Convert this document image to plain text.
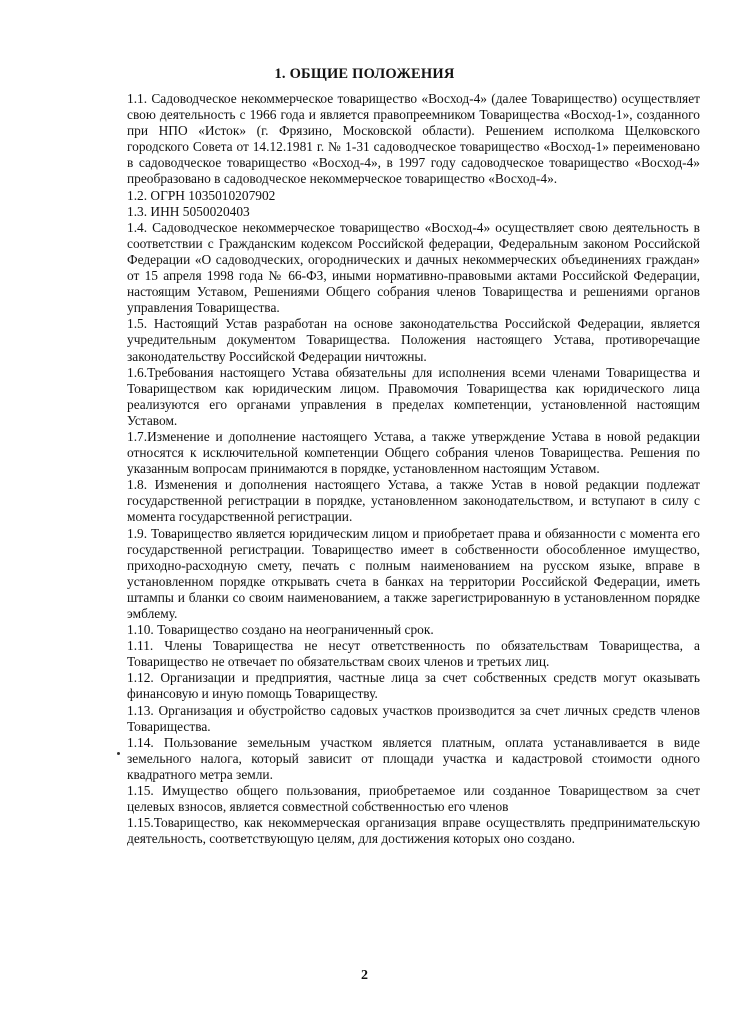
1. ОБЩИЕ ПОЛОЖЕНИЯ

1.1. Садоводческое некоммерческое товарищество «Восход-4» (далее Товарищество) осуществляет свою деятельность с 1966 года и является правопреемником Товарищества «Восход-1», созданного при НПО «Исток» (г. Фрязино, Московской области). Решением исполкома Щелковского городского Совета от 14.12.1981 г. № 1-31 садоводческое товарищество «Восход-1» переименовано в садоводческое товарищество «Восход-4», в 1997 году садоводческое товарищество «Восход-4» преобразовано в садоводческое некоммерческое товарищество «Восход-4».

1.2. ОГРН 1035010207902

1.3. ИНН 5050020403

1.4. Садоводческое некоммерческое товарищество «Восход-4» осуществляет свою деятельность в соответствии с Гражданским кодексом Российской федерации, Федеральным законом Российской Федерации «О садоводческих, огороднических и дачных некоммерческих объединениях граждан» от 15 апреля 1998 года № 66-ФЗ, иными нормативно-правовыми актами Российской Федерации, настоящим Уставом, Решениями Общего собрания членов Товарищества и решениями органов управления Товарищества.

1.5. Настоящий Устав разработан на основе законодательства Российской Федерации, является учредительным документом Товарищества. Положения настоящего Устава, противоречащие законодательству Российской Федерации ничтожны.

1.6.Требования настоящего Устава обязательны для исполнения всеми членами Товарищества и Товариществом как юридическим лицом. Правомочия Товарищества как юридического лица реализуются его органами управления в пределах компетенции, установленной настоящим Уставом.

1.7.Изменение и дополнение настоящего Устава, а также утверждение Устава в новой редакции относятся к исключительной компетенции Общего собрания членов Товарищества. Решения по указанным вопросам принимаются в порядке, установленном настоящим Уставом.

1.8. Изменения и дополнения настоящего Устава, а также Устав в новой редакции подлежат государственной регистрации в порядке, установленном законодательством, и вступают в силу с момента государственной регистрации.

1.9. Товарищество является юридическим лицом и приобретает права и обязанности с момента его государственной регистрации. Товарищество имеет в собственности обособленное имущество, приходно-расходную смету, печать с полным наименованием на русском языке, вправе в установленном порядке открывать счета в банках на территории Российской Федерации, иметь штампы и бланки со своим наименованием, а также зарегистрированную в установленном порядке эмблему.

1.10. Товарищество создано на неограниченный срок.

1.11. Члены Товарищества не несут ответственность по обязательствам Товарищества, а Товарищество не отвечает по обязательствам своих членов и третьих лиц.

1.12. Организации и предприятия, частные лица за счет собственных средств могут оказывать финансовую и иную помощь Товариществу.

1.13. Организация и обустройство садовых участков производится за счет личных средств членов Товарищества.

1.14. Пользование земельным участком является платным, оплата устанавливается в виде земельного налога, который зависит от площади участка и кадастровой стоимости одного квадратного метра земли.

1.15. Имущество общего пользования, приобретаемое или созданное Товариществом за счет целевых взносов, является совместной собственностью его членов

1.15.Товарищество, как некоммерческая организация вправе осуществлять предпринимательскую деятельность, соответствующую целям, для достижения которых оно создано.

2
